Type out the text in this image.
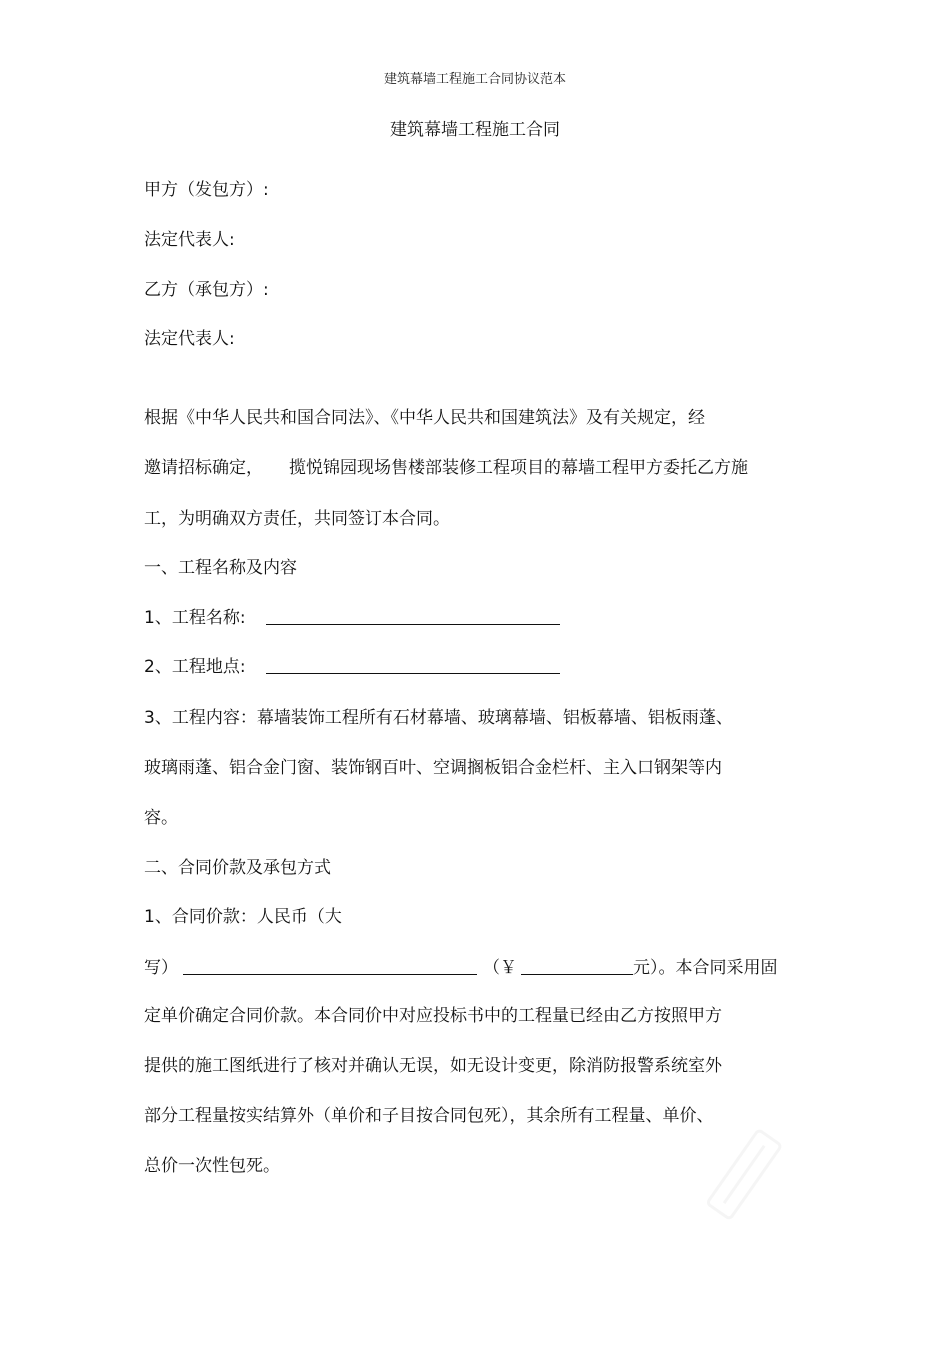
建筑幕墙工程施工合同协议范本
建筑幕墙工程施工合同
甲方（发包方）:
法定代表人:
乙方（承包方）:
法定代表人:
根据《中华人民共和国合同法》、《中华人民共和国建筑法》及有关规定，经
邀请招标确定， 揽悦锦园现场售楼部装修工程项目的幕墙工程甲方委托乙方施
工，为明确双方责任，共同签订本合同。
一、工程名称及内容
1、工程名称:
2、工程地点:
3、工程内容：幕墙装饰工程所有石材幕墙、玻璃幕墙、铝板幕墙、铝板雨蓬、
玻璃雨蓬、铝合金门窗、装饰钢百叶、空调搁板铝合金栏杆、主入口钢架等内
容。
二、合同价款及承包方式
1、合同价款：人民币（大
写）	（￥	元）。本合同采用固
定单价确定合同价款。本合同价中对应投标书中的工程量已经由乙方按照甲方
提供的施工图纸进行了核对并确认无误，如无设计变更，除消防报警系统室外
部分工程量按实结算外（单价和子目按合同包死），其余所有工程量、单价、
总价一次性包死。
